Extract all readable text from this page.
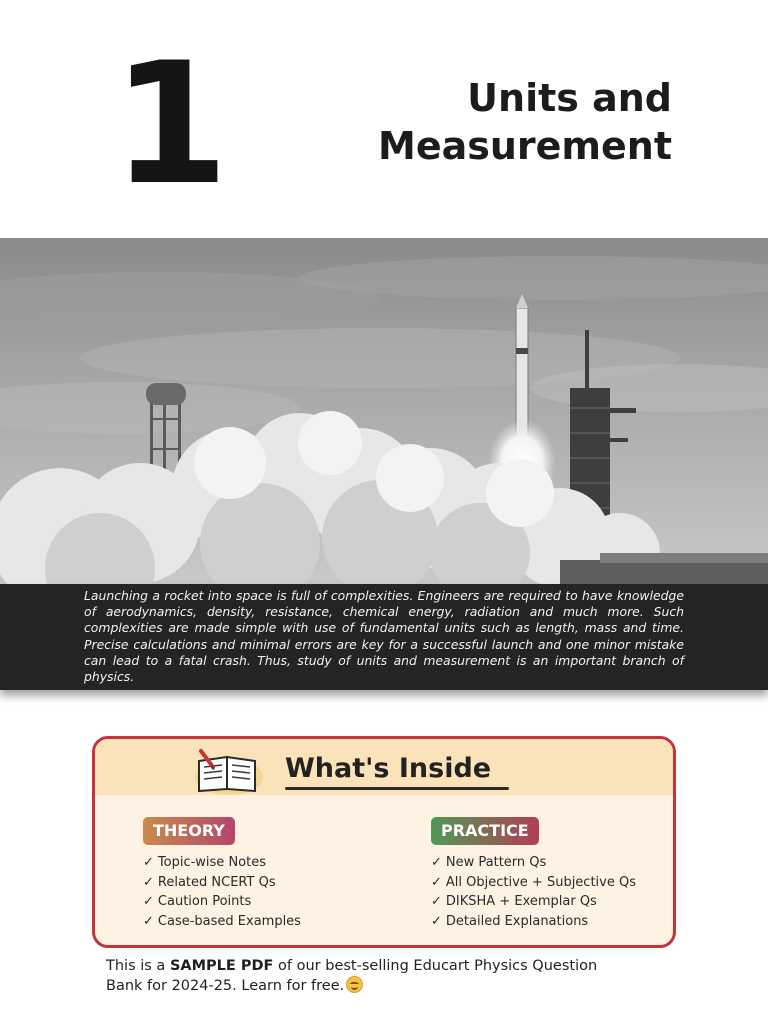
1	Units and
Measurement

Launching a rocket into space is full of complexities. Engineers are required to have knowledge of aerodynamics, density, resistance, chemical energy, radiation and much more. Such complexities are made simple with use of fundamental units such as length, mass and time. Precise calculations and minimal errors are key for a successful launch and one minor mistake can lead to a fatal crash. Thus, study of units and measurement is an important branch of physics.

What's Inside
THEORY	PRACTICE
✓ Topic-wise Notes
✓ Related NCERT Qs
✓ Caution Points
✓ Case-based Examples
✓ New Pattern Qs
✓ All Objective + Subjective Qs
✓ DIKSHA + Exemplar Qs
✓ Detailed Explanations

This is a SAMPLE PDF of our best-selling Educart Physics Question Bank for 2024-25. Learn for free.
